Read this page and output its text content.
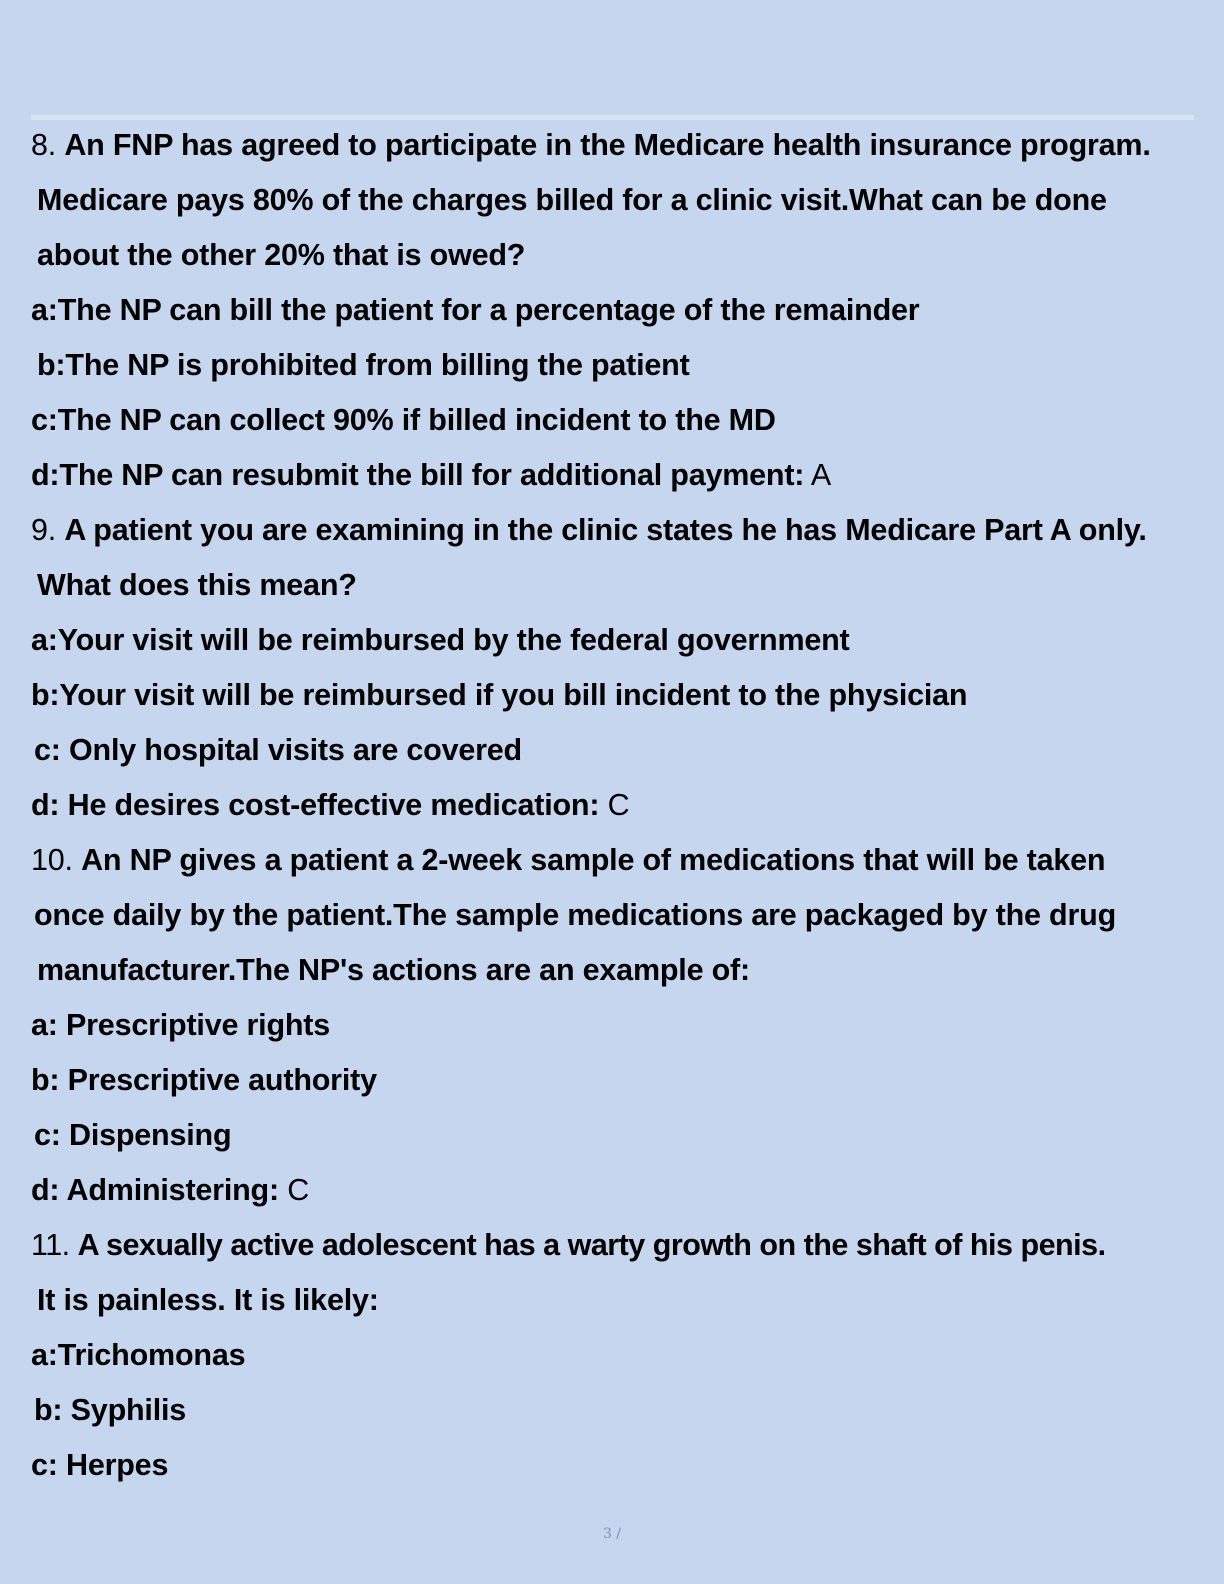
8. An FNP has agreed to participate in the Medicare health insurance program.
Medicare pays 80% of the charges billed for a clinic visit.What can be done
about the other 20% that is owed?
a:The NP can bill the patient for a percentage of the remainder
b:The NP is prohibited from billing the patient
c:The NP can collect 90% if billed incident to the MD
d:The NP can resubmit the bill for additional payment: A
9. A patient you are examining in the clinic states he has Medicare Part A only.
What does this mean?
a:Your visit will be reimbursed by the federal government
b:Your visit will be reimbursed if you bill incident to the physician
c: Only hospital visits are covered
d: He desires cost-effective medication: C
10. An NP gives a patient a 2-week sample of medications that will be taken
once daily by the patient.The sample medications are packaged by the drug
manufacturer.The NP's actions are an example of:
a: Prescriptive rights
b: Prescriptive authority
c: Dispensing
d: Administering: C
11. A sexually active adolescent has a warty growth on the shaft of his penis.
It is painless. It is likely:
a:Trichomonas
b: Syphilis
c: Herpes
3 /
